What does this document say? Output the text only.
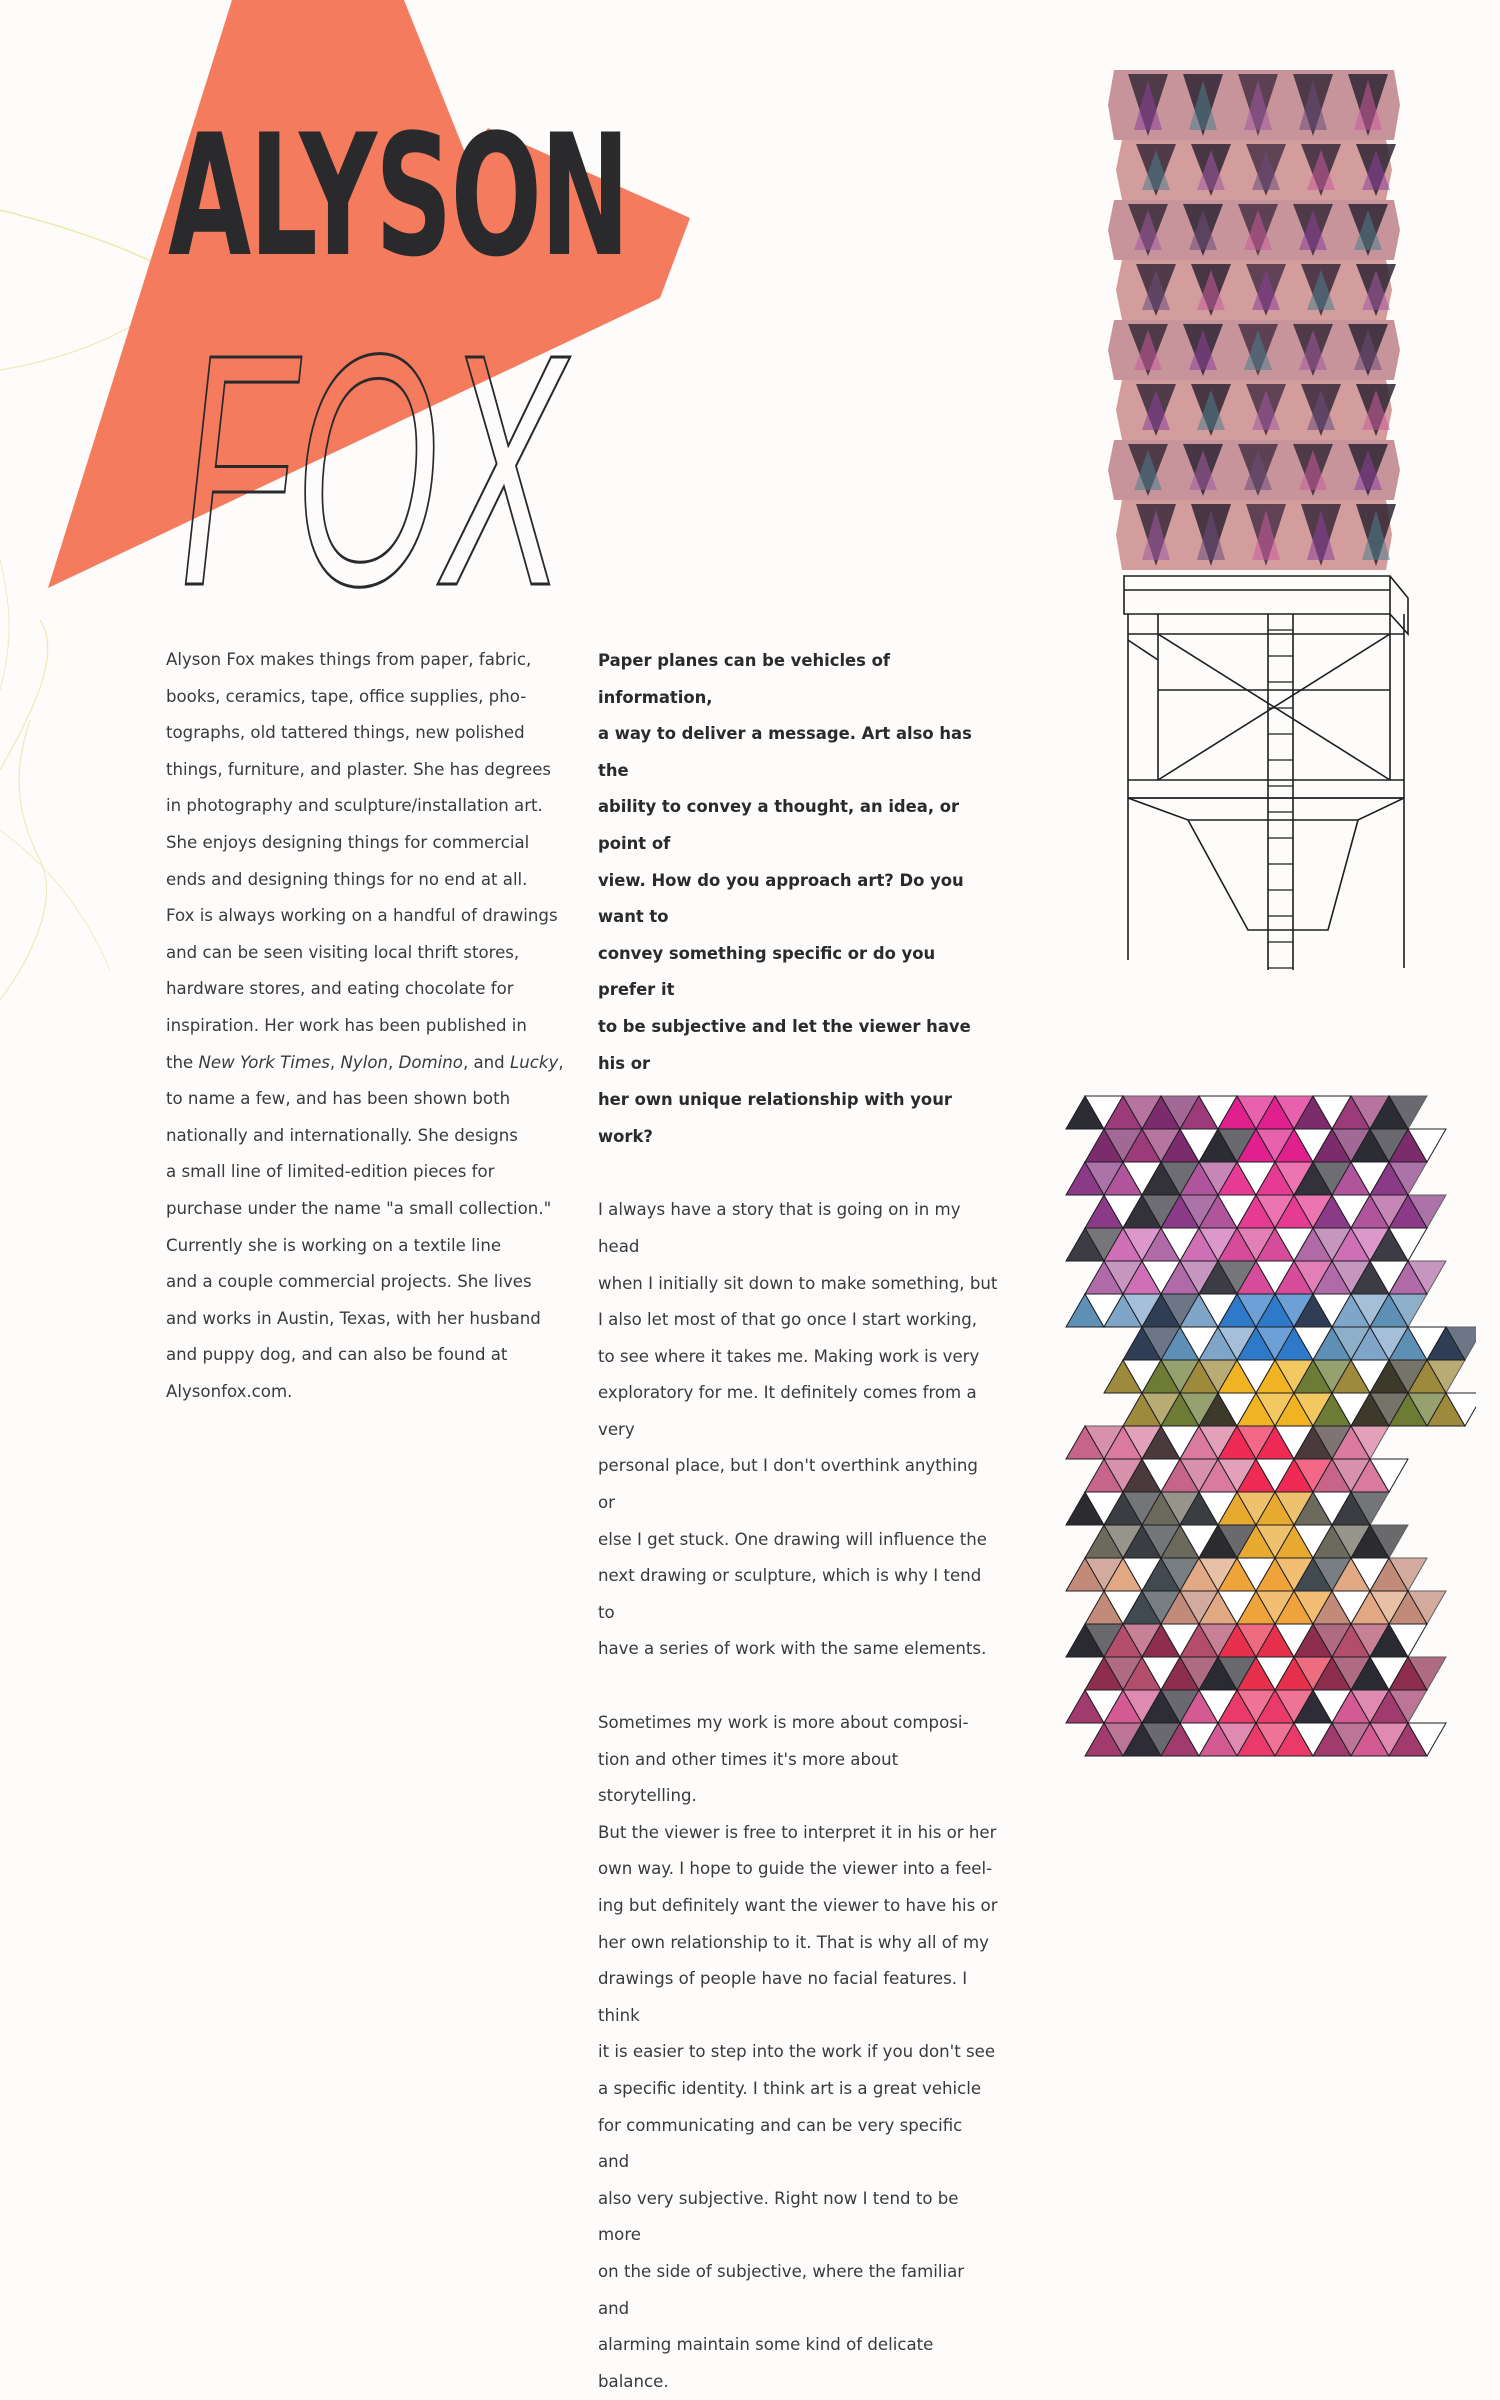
ALYSON
FOX

Alyson Fox makes things from paper, fabric,

books, ceramics, tape, office supplies, pho-

tographs, old tattered things, new polished

things, furniture, and plaster. She has degrees

in photography and sculpture/installation art.

She enjoys designing things for commercial

ends and designing things for no end at all.

Fox is always working on a handful of drawings

and can be seen visiting local thrift stores,

hardware stores, and eating chocolate for

inspiration. Her work has been published in

the New York Times, Nylon, Domino, and Lucky,

to name a few, and has been shown both

nationally and internationally. She designs

a small line of limited-edition pieces for

purchase under the name "a small collection."

Currently she is working on a textile line

and a couple commercial projects. She lives

and works in Austin, Texas, with her husband

and puppy dog, and can also be found at

Alysonfox.com.

Paper planes can be vehicles of information,

a way to deliver a message. Art also has the

ability to convey a thought, an idea, or point of

view. How do you approach art? Do you want to

convey something specific or do you prefer it

to be subjective and let the viewer have his or

her own unique relationship with your work?

I always have a story that is going on in my head

when I initially sit down to make something, but

I also let most of that go once I start working,

to see where it takes me. Making work is very

exploratory for me. It definitely comes from a very

personal place, but I don't overthink anything or

else I get stuck. One drawing will influence the

next drawing or sculpture, which is why I tend to

have a series of work with the same elements.

Sometimes my work is more about composi-

tion and other times it's more about storytelling.

But the viewer is free to interpret it in his or her

own way. I hope to guide the viewer into a feel-

ing but definitely want the viewer to have his or

her own relationship to it. That is why all of my

drawings of people have no facial features. I think

it is easier to step into the work if you don't see

a specific identity. I think art is a great vehicle

for communicating and can be very specific and

also very subjective. Right now I tend to be more

on the side of subjective, where the familiar and

alarming maintain some kind of delicate balance.
